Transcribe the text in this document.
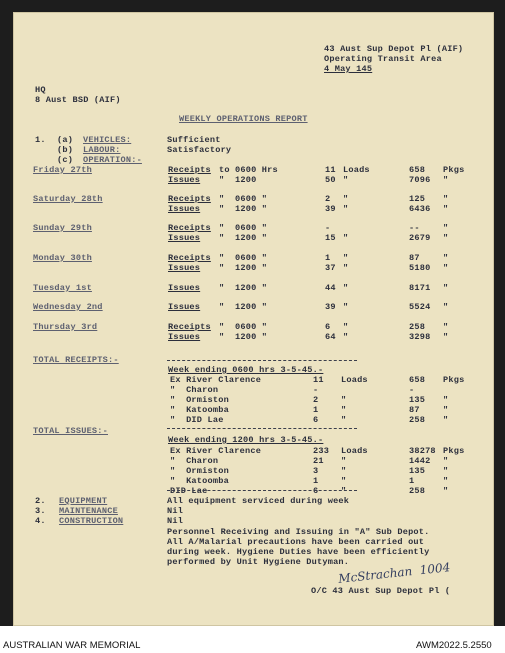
43 Aust Sup Depot Pl (AIF)
Operating Transit Area
4 May 145
HQ
8 Aust BSD (AIF)
WEEKLY OPERATIONS REPORT
1. (a) VEHICLES:	Sufficient
(b) LABOUR:	Satisfactory
(c) OPERATION:-
Friday 27th	Receipts to 0600 Hrs	11 Loads	658 Pkgs
Issues " 1200	50 "	7096 "
Saturday 28th	Receipts " 0600 "	2 "	125 "
Issues " 1200 "	39 "	6436 "
Sunday 29th	Receipts " 0600 "	-	--	"
Issues " 1200 "	15 "	2679 "
Monday 30th	Receipts " 0600 "	1 "	87	"
Issues " 1200 "	37 "	5180 "
Tuesday 1st	Issues " 1200 "	44 "	8171 "
Wednesday 2nd	Issues " 1200 "	39 "	5524 "
Thursday 3rd	Receipts " 0600 "	6 "	258 "
Issues " 1200 "	64 "	3298 "
TOTAL RECEIPTS:-
Week ending 0600 hrs 3-5-45.-
Ex River Clarence	11 Loads	658 Pkgs
"  Charon	-	-
"  Ormiston	2	"	135 "
"  Katoomba	1	"	87	"
"  DID Lae	6	"	258 "
TOTAL ISSUES:-
Week ending 1200 hrs 3-5-45.-
Ex River Clarence	233 Loads	38278 Pkgs
"  Charon	21 "	1442 "
"  Ormiston	3	"	135 "
"  Katoomba	1	"	1	"
DID Lae	6	"	258 "
2. EQUIPMENT	All equipment serviced during week
3. MAINTENANCE	Nil
4. CONSTRUCTION	Nil
Personnel Receiving and Issuing in "A" Sub Depot.
All A/Malarial precautions have been carried out
during week. Hygiene Duties have been efficiently
performed by Unit Hygiene Dutyman.
McStrachan  1004
O/C 43 Aust Sup Depot Pl (
AUSTRALIAN WAR MEMORIAL	AWM2022.5.2550
